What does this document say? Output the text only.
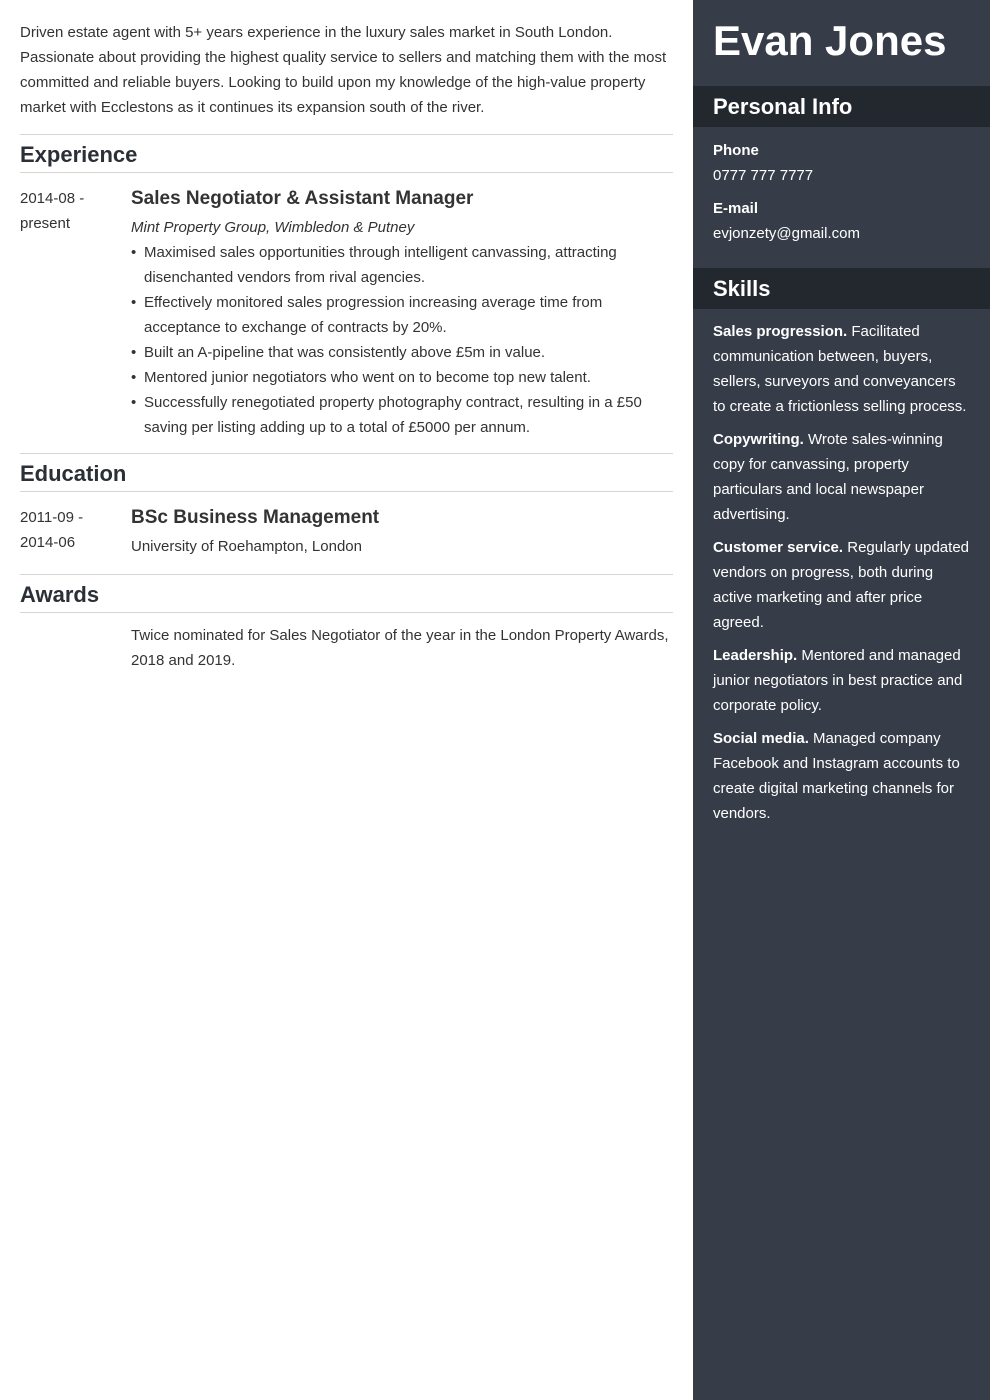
Driven estate agent with 5+ years experience in the luxury sales market in South London. Passionate about providing the highest quality service to sellers and matching them with the most committed and reliable buyers. Looking to build upon my knowledge of the high-value property market with Ecclestons as it continues its expansion south of the river.

Experience
2014-08 -
present
Sales Negotiator & Assistant Manager
Mint Property Group, Wimbledon & Putney
• Maximised sales opportunities through intelligent canvassing, attracting disenchanted vendors from rival agencies.
• Effectively monitored sales progression increasing average time from acceptance to exchange of contracts by 20%.
• Built an A-pipeline that was consistently above £5m in value.
• Mentored junior negotiators who went on to become top new talent.
• Successfully renegotiated property photography contract, resulting in a £50 saving per listing adding up to a total of £5000 per annum.
Education
2011-09 -
2014-06
BSc Business Management
University of Roehampton, London
Awards
Twice nominated for Sales Negotiator of the year in the London Property Awards, 2018 and 2019.
Evan Jones
Personal Info
Phone
0777 777 7777
E-mail
evjonzety@gmail.com
Skills
Sales progression. Facilitated communication between, buyers, sellers, surveyors and conveyancers to create a frictionless selling process.
Copywriting. Wrote sales-winning copy for canvassing, property particulars and local newspaper advertising.
Customer service. Regularly updated vendors on progress, both during active marketing and after price agreed.
Leadership. Mentored and managed junior negotiators in best practice and corporate policy.
Social media. Managed company Facebook and Instagram accounts to create digital marketing channels for vendors.
